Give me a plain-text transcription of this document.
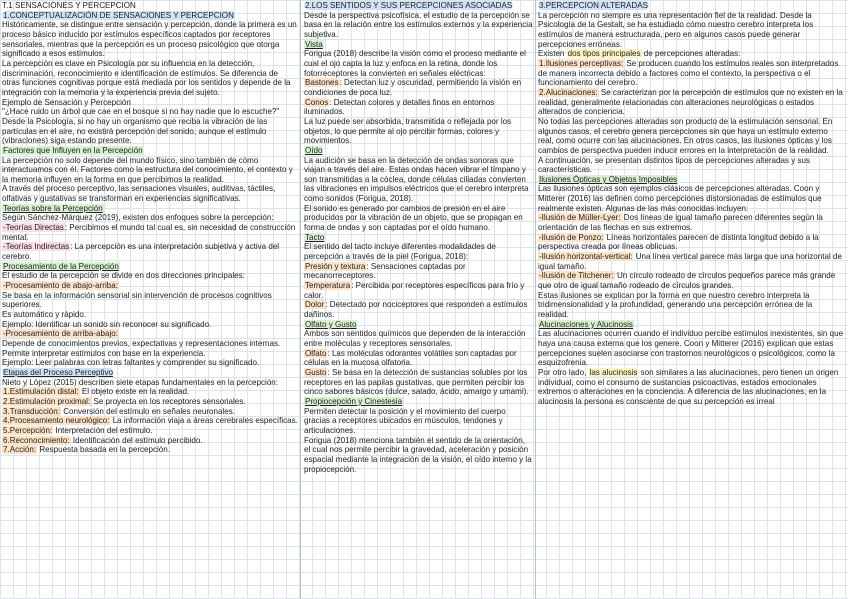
T.1 SENSACIONES Y PERCEPCION

1.CONCEPTUALIZACIÓN DE SENSACIONES Y PERCEPCION

Históricamente, se distingue entre sensación y percepción, donde la primera es un proceso básico inducido por estímulos específicos captados por receptores sensoriales, mientras que la percepción es un proceso psicológico que otorga significado a esos estímulos.

La percepción es clave en Psicología por su influencia en la detección, discriminación, reconocimiento e identificación de estímulos. Se diferencia de otras funciones cognitivas porque está mediada por los sentidos y depende de la integración con la memoria y la experiencia previa del sujeto.

Ejemplo de Sensación y Percepción

"¿Hace ruido un árbol que cae en el bosque si no hay nadie que lo escuche?"

Desde la Psicología, si no hay un organismo que reciba la vibración de las partículas en el aire, no existirá percepción del sonido, aunque el estímulo (vibraciones) siga estando presente.

Factores que Influyen en la Percepción

La percepción no solo depende del mundo físico, sino también de cómo interactuamos con él. Factores como la estructura del conocimiento, el contexto y la memoria influyen en la forma en que percibimos la realidad.

A través del proceso perceptivo, las sensaciones visuales, auditivas, táctiles, olfativas y gustativas se transforman en experiencias significativas.

Teorías sobre la Percepción

Según Sánchez-Márquez (2019), existen dos enfoques sobre la percepción:

-Teorías Directas: Percibimos el mundo tal cual es, sin necesidad de construcción mental.

-Teorías Indirectas: La percepción es una interpretación subjetiva y activa del cerebro.

Procesamiento de la Percepción

El estudio de la percepción se divide en dos direcciones principales:

-Procesamiento de abajo-arriba:

Se basa en la información sensorial sin intervención de procesos cognitivos superiores.

Es automático y rápido.

Ejemplo: Identificar un sonido sin reconocer su significado.

-Procesamiento de arriba-abajo:

Depende de conocimientos previos, expectativas y representaciones internas.

Permite interpretar estímulos con base en la experiencia.

Ejemplo: Leer palabras con letras faltantes y comprender su significado.

Etapas del Proceso Perceptivo

Nieto y López (2015) describen siete etapas fundamentales en la percepción:

1.Estimulación distal: El objeto existe en la realidad.

2.Estimulación proximal: Se proyecta en los receptores sensoriales.

3.Transducción: Conversión del estímulo en señales neuronales.

4.Procesamiento neurológico: La información viaja a áreas cerebrales específicas.

5.Percepción: Interpretación del estímulo.

6.Reconocimiento: Identificación del estímulo percibido.

7.Acción: Respuesta basada en la percepción.

2.LOS SENTIDOS Y SUS PERCEPCIONES ASOCIADAS

Desde la perspectiva psicofísica, el estudio de la percepción se basa en la relación entre los estímulos externos y la experiencia subjetiva.

Vista

Forigua (2018) describe la visión como el proceso mediante el cual el ojo capta la luz y enfoca en la retina, donde los fotorreceptores la convierten en señales eléctricas:

Bastones: Detectan luz y oscuridad, permitiendo la visión en condiciones de poca luz.

Conos: Detectan colores y detalles finos en entornos iluminados.

La luz puede ser absorbida, transmitida o reflejada por los objetos, lo que permite al ojo percibir formas, colores y movimientos.

Oído

La audición se basa en la detección de ondas sonoras que viajan a través del aire. Estas ondas hacen vibrar el tímpano y son transmitidas a la cóclea, donde células ciliadas convierten las vibraciones en impulsos eléctricos que el cerebro interpreta como sonidos (Forigua, 2018).

El sonido es generado por cambios de presión en el aire producidos por la vibración de un objeto, que se propagan en forma de ondas y son captadas por el oído humano.

Tacto

El sentido del tacto incluye diferentes modalidades de percepción a través de la piel (Forigua, 2018):

Presión y textura: Sensaciones captadas por mecanorreceptores.

Temperatura: Percibida por receptores específicos para frío y calor.

Dolor: Detectado por nociceptores que responden a estímulos dañinos.

Olfato y Gusto

Ambos son sentidos químicos que dependen de la interacción entre moléculas y receptores sensoriales.

Olfato: Las moléculas odorantes volátiles son captadas por células en la mucosa olfatoria.

Gusto: Se basa en la detección de sustancias solubles por los receptores en las papilas gustativas, que permiten percibir los cinco sabores básicos (dulce, salado, ácido, amargo y umami).

Propiocepción y Cinestesia

Permiten detectar la posición y el movimiento del cuerpo gracias a receptores ubicados en músculos, tendones y articulaciones.

Forigua (2018) menciona también el sentido de la orientación, el cual nos permite percibir la gravedad, aceleración y posición espacial mediante la integración de la visión, el oído interno y la propiocepción.

3.PERCEPCION ALTERADAS

La percepción no siempre es una representación fiel de la realidad. Desde la Psicología de la Gestalt, se ha estudiado cómo nuestro cerebro interpreta los estímulos de manera estructurada, pero en algunos casos puede generar percepciones erróneas.

Existen dos tipos principales de percepciones alteradas:

1.Ilusiones perceptivas: Se producen cuando los estímulos reales son interpretados de manera incorrecta debido a factores como el contexto, la perspectiva o el funcionamiento del cerebro.

2.Alucinaciones: Se caracterizan por la percepción de estímulos que no existen en la realidad, generalmente relacionadas con alteraciones neurológicas o estados alterados de conciencia.

No todas las percepciones alteradas son producto de la estimulación sensorial. En algunos casos, el cerebro genera percepciones sin que haya un estímulo externo real, como ocurre con las alucinaciones. En otros casos, las ilusiones ópticas y los cambios de perspectiva pueden inducir errores en la interpretación de la realidad.

A continuación, se presentan distintos tipos de percepciones alteradas y sus características.

Ilusiones Ópticas y Objetos Imposibles

Las ilusiones ópticas son ejemplos clásicos de percepciones alteradas. Coon y Mitterer (2016) las definen como percepciones distorsionadas de estímulos que realmente existen. Algunas de las más conocidas incluyen:

-Ilusión de Müller-Lyer: Dos líneas de igual tamaño parecen diferentes según la orientación de las flechas en sus extremos.

-Ilusión de Ponzo: Líneas horizontales parecen de distinta longitud debido a la perspectiva creada por líneas oblicuas.

-Ilusión horizontal-vertical: Una línea vertical parece más larga que una horizontal de igual tamaño.

-Ilusión de Titchener: Un círculo rodeado de círculos pequeños parece más grande que otro de igual tamaño rodeado de círculos grandes.

Estas ilusiones se explican por la forma en que nuestro cerebro interpreta la tridimensionalidad y la profundidad, generando una percepción errónea de la realidad.

Alucinaciones y Alucinosis

Las alucinaciones ocurren cuando el individuo percibe estímulos inexistentes, sin que haya una causa externa que los genere. Coon y Mitterer (2016) explican que estas percepciones suelen asociarse con trastornos neurológicos o psicológicos, como la esquizofrenia.

Por otro lado, las alucinosis son similares a las alucinaciones, pero tienen un origen individual, como el consumo de sustancias psicoactivas, estados emocionales extremos o alteraciones en la conciencia. A diferencia de las alucinaciones, en la alucinosis la persona es consciente de que su percepción es irreal
